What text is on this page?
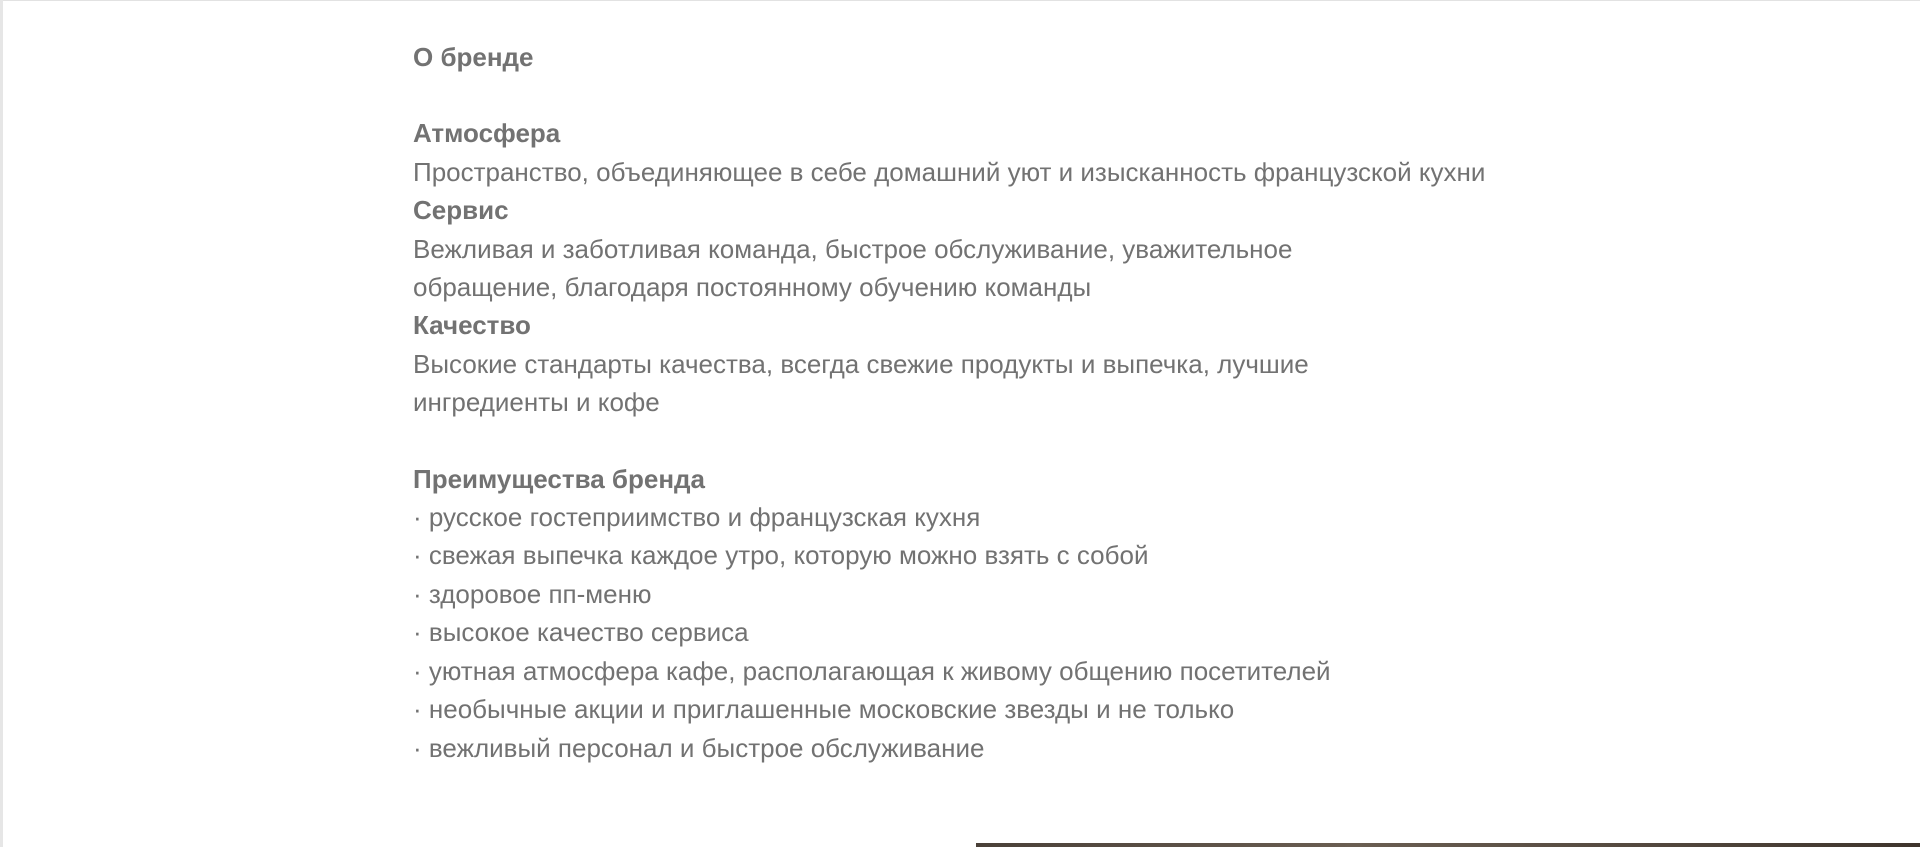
О бренде

Атмосфера

Пространство, объединяющее в себе домашний уют и изысканность французской кухни

Сервис

Вежливая и заботливая команда, быстрое обслуживание, уважительное обращение, благодаря постоянному обучению команды

Качество

Высокие стандарты качества, всегда свежие продукты и выпечка, лучшие ингредиенты и кофе

Преимущества бренда

· русское гостеприимство и французская кухня

· свежая выпечка каждое утро, которую можно взять с собой

· здоровое пп-меню

· высокое качество сервиса

· уютная атмосфера кафе, располагающая к живому общению посетителей

· необычные акции и приглашенные московские звезды и не только

· вежливый персонал и быстрое обслуживание
